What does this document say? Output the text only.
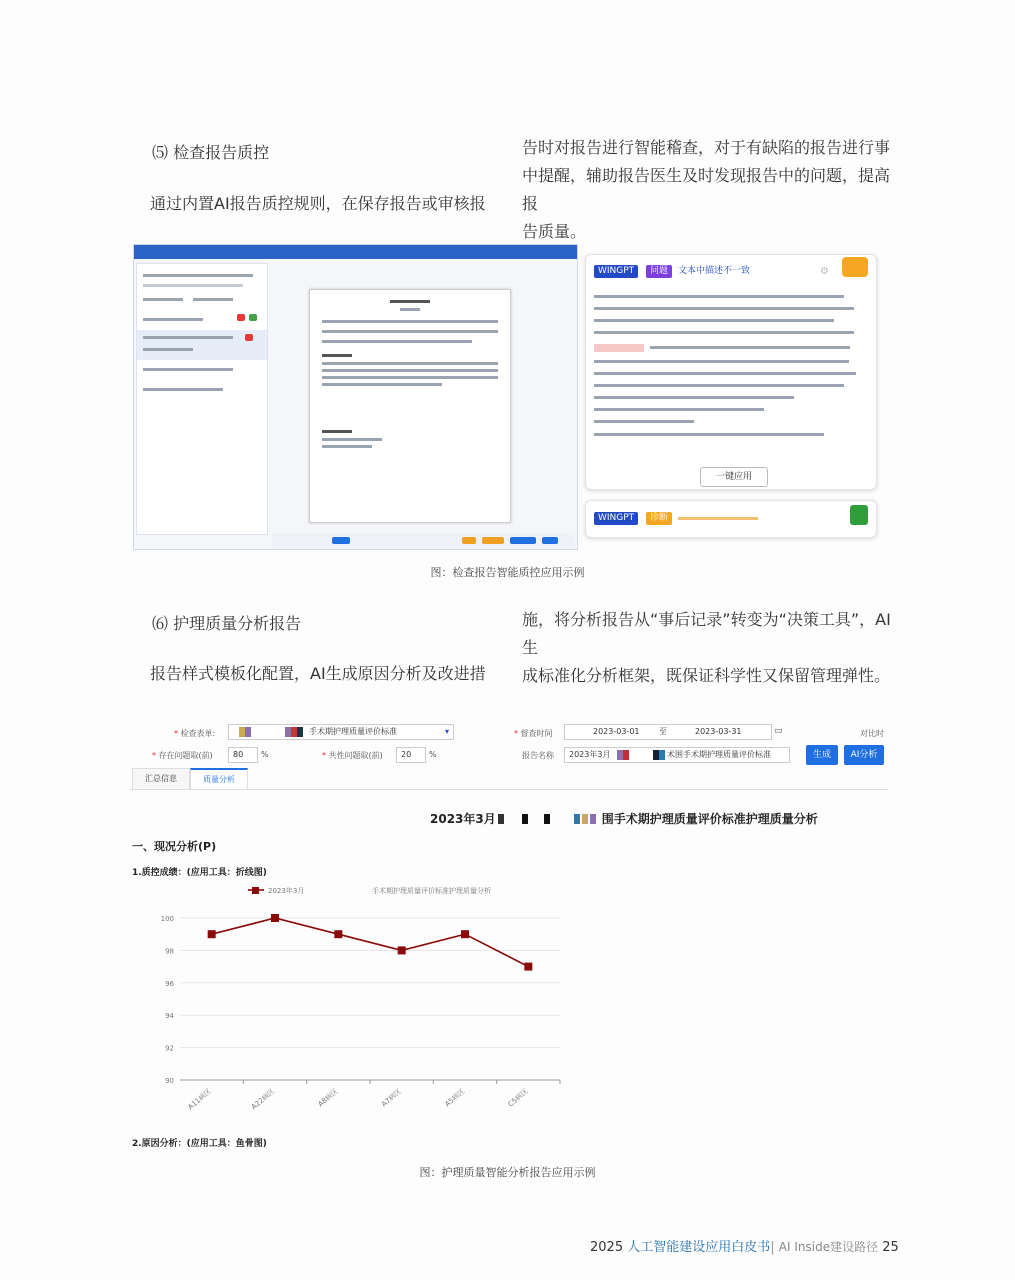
⑸ 检查报告质控
通过内置AI报告质控规则，在保存报告或审核报
告时对报告进行智能稽查，对于有缺陷的报告进行事
中提醒，辅助报告医生及时发现报告中的问题，提高报
告质量。
WINGPT	问题	文本中描述不一致	⚙
一键应用
WINGPT	诊断
图：检查报告智能质控应用示例
⑹ 护理质量分析报告
报告样式模板化配置，AI生成原因分析及改进措
施，将分析报告从“事后记录”转变为“决策工具”，AI生
成标准化分析框架，既保证科学性又保留管理弹性。
* 检查表单:	手术期护理质量评价标准	▾	* 督查时间	2023-03-01 至	2023-03-31	▭	对比时
* 存在问题取(前)	80	%	* 共性问题取(前)	20	%	报告名称	2023年3月	术围手术期护理质量评价标准	生成	AI分析
汇总信息	质量分析
2023年3月	围手术期护理质量评价标准护理质量分析
一、现况分析(P)
1.质控成绩：(应用工具：折线图)
90
92
94
96
98
100
A11病区	A22病区	A8病区	A7病区	A5病区	C5病区
2023年3月	手术期护理质量评价标准护理质量分析
2.原因分析：(应用工具：鱼骨图)
图：护理质量智能分析报告应用示例
2025 人工智能建设应用白皮书| AI Inside建设路径 25
